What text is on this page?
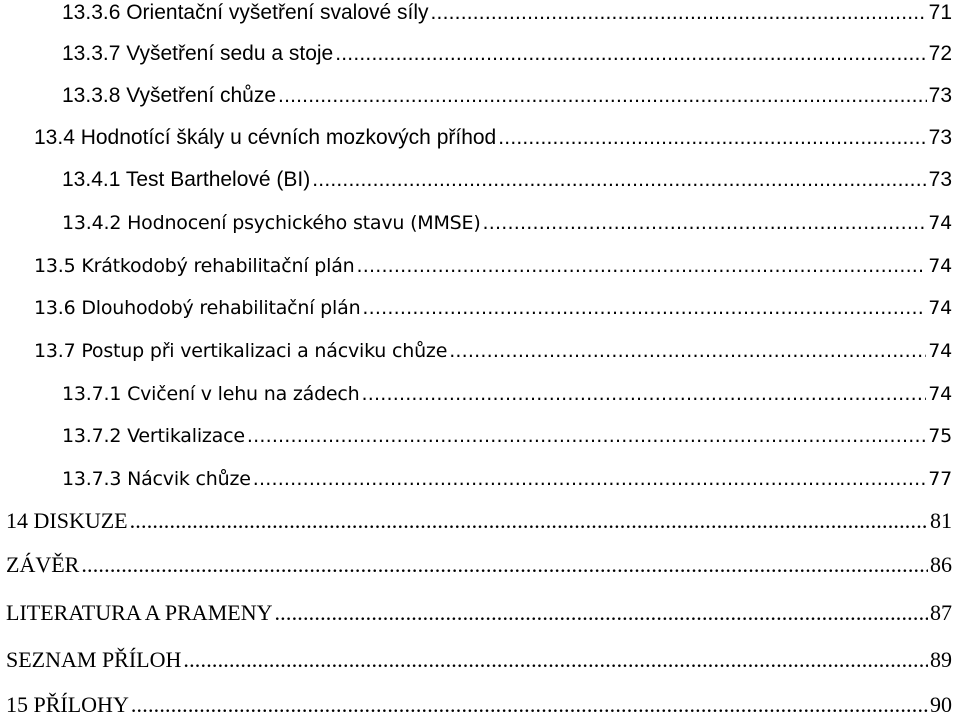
13.3.6 Orientační vyšetření svalové síly .....	71
13.3.7 Vyšetření sedu a stoje .....	72
13.3.8 Vyšetření chůze .....	73
13.4 Hodnotící škály u cévních mozkových příhod .....	73
13.4.1 Test Barthelové (BI) .....	73
13.4.2 Hodnocení psychického stavu (MMSE) .....	74
13.5 Krátkodobý rehabilitační plán .....	74
13.6 Dlouhodobý rehabilitační plán .....	74
13.7 Postup při vertikalizaci a nácviku chůze .....	74
13.7.1 Cvičení v lehu na zádech .....	74
13.7.2 Vertikalizace .....	75
13.7.3 Nácvik chůze .....	77
14 DISKUZE .....	81
ZÁVĚR .....	86
LITERATURA A PRAMENY .....	87
SEZNAM PŘÍLOH .....	89
15 PŘÍLOHY .....	90
